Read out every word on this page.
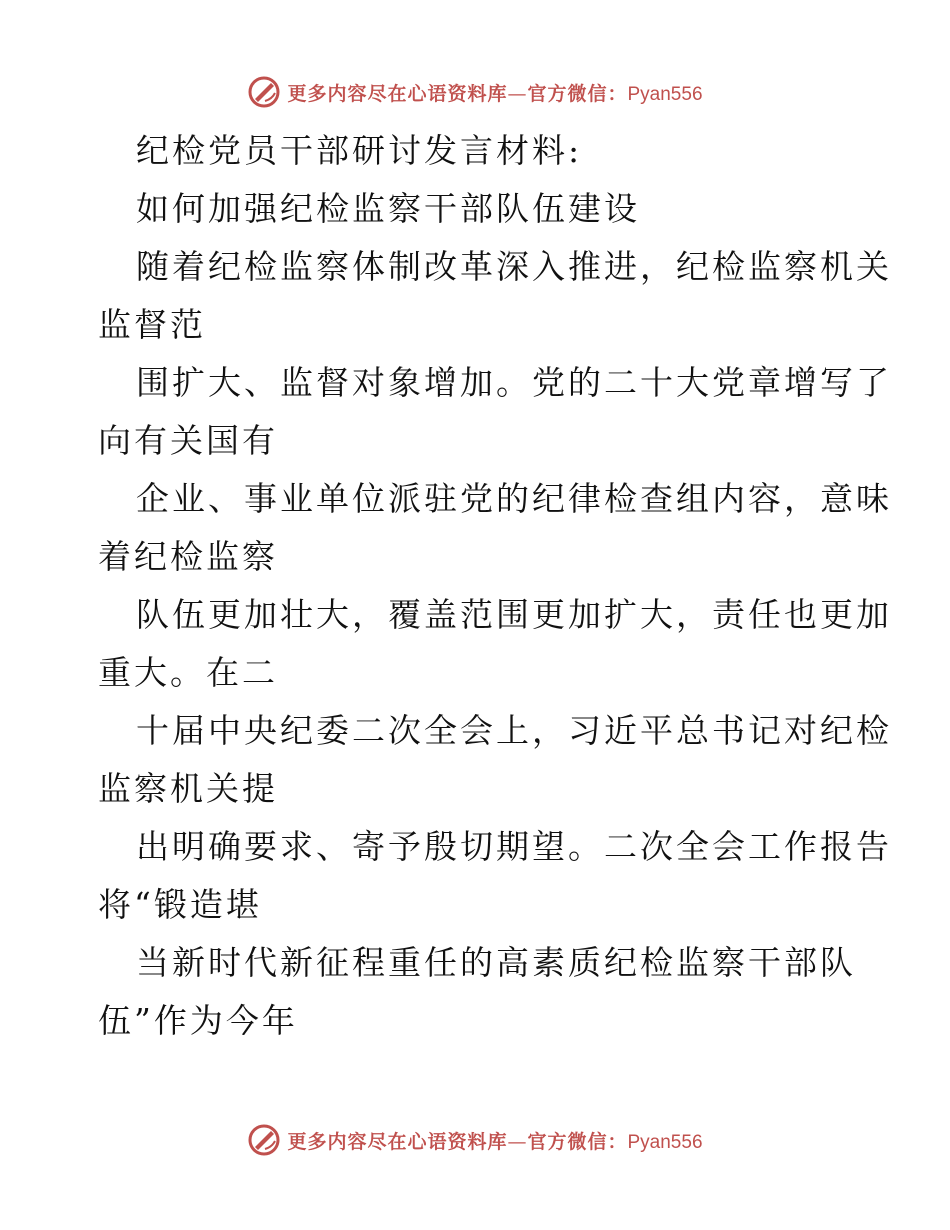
更多内容尽在心语资料库—官方微信：Pyan556
纪检党员干部研讨发言材料:
如何加强纪检监察干部队伍建设
随着纪检监察体制改革深入推进，纪检监察机关
监督范
围扩大、监督对象增加。党的二十大党章增写了
向有关国有
企业、事业单位派驻党的纪律检查组内容，意味
着纪检监察
队伍更加壮大，覆盖范围更加扩大，责任也更加
重大。在二
十届中央纪委二次全会上，习近平总书记对纪检
监察机关提
出明确要求、寄予殷切期望。二次全会工作报告
将“锻造堪
当新时代新征程重任的高素质纪检监察干部队
伍”作为今年
更多内容尽在心语资料库—官方微信：Pyan556
